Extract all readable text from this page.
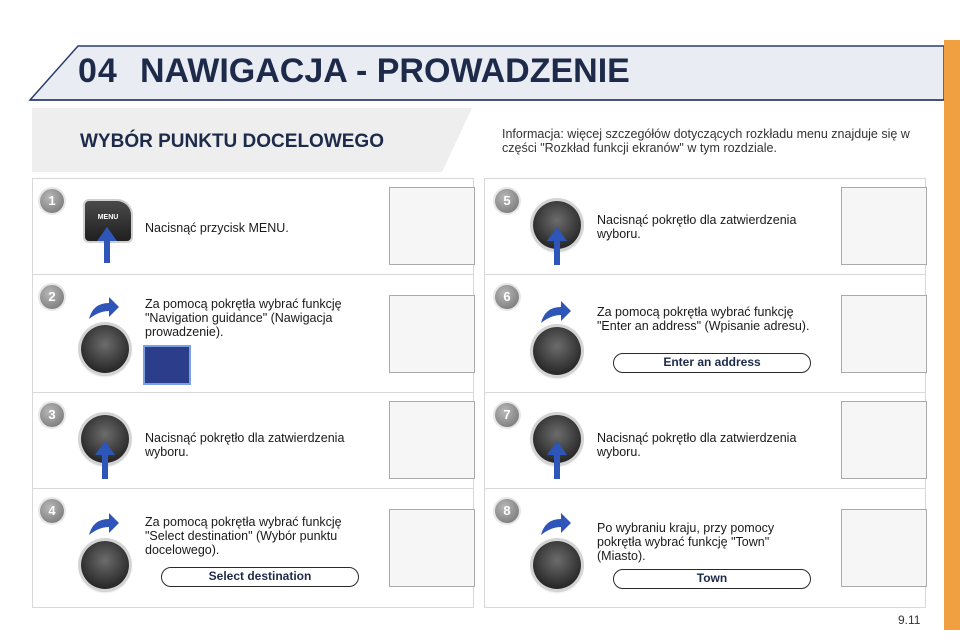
04 NAWIGACJA - PROWADZENIE
WYBÓR PUNKTU DOCELOWEGO	Informacja: więcej szczegółów dotyczących rozkładu menu znajduje się w części "Rozkład funkcji ekranów" w tym rozdziale.
1
MENU
Nacisnąć przycisk MENU.
2	Za pomocą pokrętła wybrać funkcję "Navigation guidance" (Nawigacja prowadzenie).
3
Nacisnąć pokrętło dla zatwierdzenia wyboru.
4
Za pomocą pokrętła wybrać funkcję "Select destination" (Wybór punktu docelowego).
Select destination
5
Nacisnąć pokrętło dla zatwierdzenia wyboru.
6
Za pomocą pokrętła wybrać funkcję "Enter an address" (Wpisanie adresu).
Enter an address
7
Nacisnąć pokrętło dla zatwierdzenia wyboru.
8
Po wybraniu kraju, przy pomocy pokrętła wybrać funkcję "Town" (Miasto).
Town
9.11
